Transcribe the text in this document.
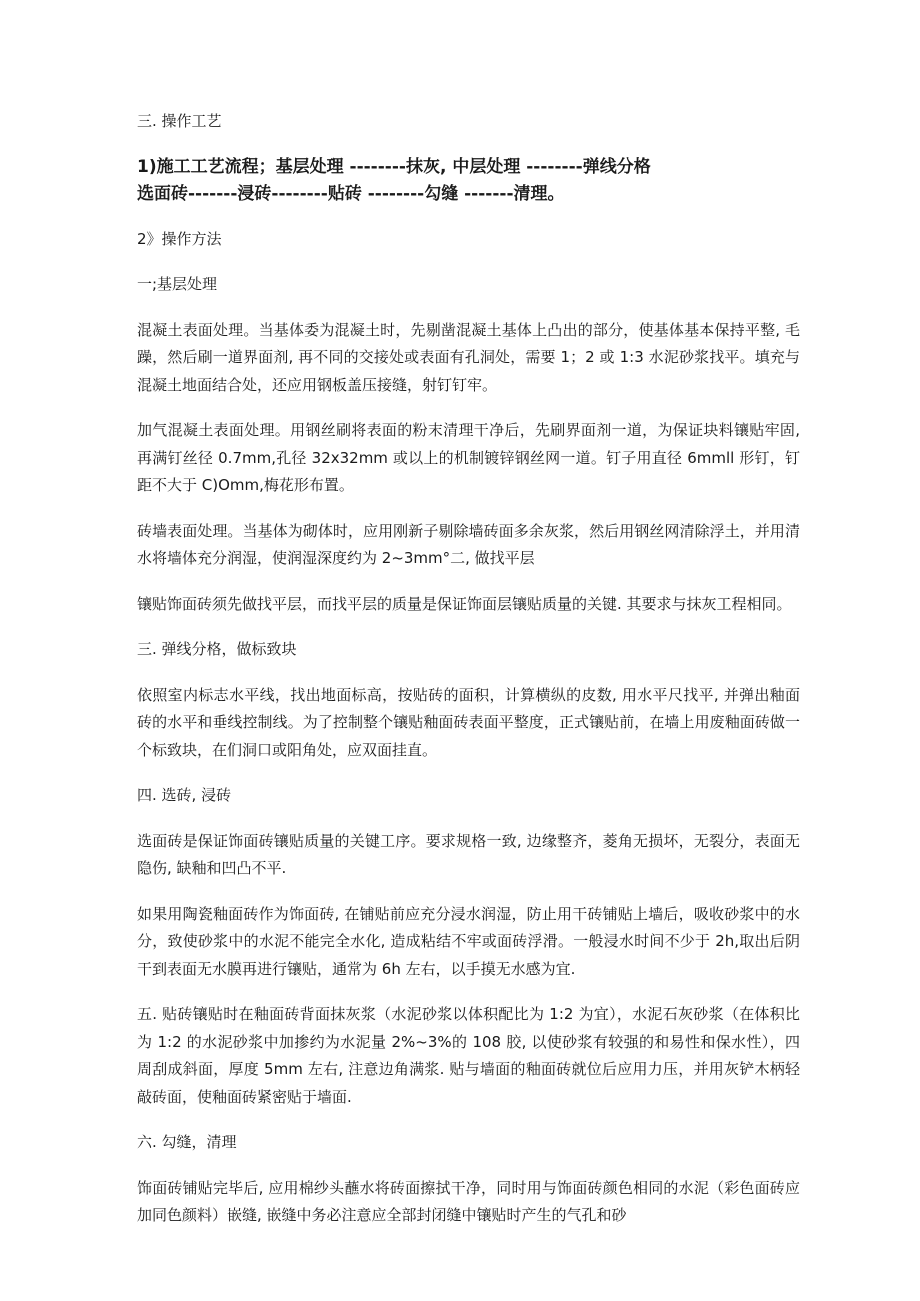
三. 操作工艺

1)施工工艺流程；基层处理 --------抹灰, 中层处理 --------弹线分格
选面砖-------浸砖--------贴砖 --------勾缝 -------清理。

2》操作方法

一;基层处理

混凝土表面处理。当基体委为混凝土时，先剔凿混凝土基体上凸出的部分，使基体基本保持平整, 毛躁，然后刷一道界面剂, 再不同的交接处或表面有孔洞处，需要 1；2 或 1:3 水泥砂浆找平。填充与混凝土地面结合处，还应用钢板盖压接缝，射钉钉牢。

加气混凝土表面处理。用钢丝刷将表面的粉末清理干净后，先刷界面剂一道，为保证块料镶贴牢固, 再满钉丝径 0.7mm,孔径 32x32mm 或以上的机制镀锌钢丝网一道。钉子用直径 6mmll 形钉，钉距不大于 C)Omm,梅花形布置。

砖墙表面处理。当基体为砌体时，应用刚新子剔除墙砖面多余灰浆，然后用钢丝网清除浮土，并用清水将墙体充分润湿，使润湿深度约为 2~3mm°二, 做找平层

镶贴饰面砖须先做找平层，而找平层的质量是保证饰面层镶贴质量的关键. 其要求与抹灰工程相同。

三. 弹线分格，做标致块

依照室内标志水平线，找出地面标高，按贴砖的面积，计算横纵的皮数, 用水平尺找平, 并弹出釉面砖的水平和垂线控制线。为了控制整个镶贴釉面砖表面平整度，正式镶贴前，在墙上用废釉面砖做一个标致块，在们洞口或阳角处，应双面挂直。

四. 选砖, 浸砖

选面砖是保证饰面砖镶贴质量的关键工序。要求规格一致, 边缘整齐，菱角无损坏，无裂分，表面无隐伤, 缺釉和凹凸不平.

如果用陶瓷釉面砖作为饰面砖, 在铺贴前应充分浸水润湿，防止用干砖铺贴上墙后，吸收砂浆中的水分，致使砂浆中的水泥不能完全水化, 造成粘结不牢或面砖浮滑。一般浸水时间不少于 2h,取出后阴干到表面无水膜再进行镶贴，通常为 6h 左右，以手摸无水感为宜.

五. 贴砖镶贴时在釉面砖背面抹灰浆（水泥砂浆以体积配比为 1:2 为宜），水泥石灰砂浆（在体积比为 1:2 的水泥砂浆中加掺约为水泥量 2%~3%的 108 胶, 以使砂浆有较强的和易性和保水性），四周刮成斜面，厚度 5mm 左右, 注意边角满浆. 贴与墙面的釉面砖就位后应用力压，并用灰铲木柄轻敲砖面，使釉面砖紧密贴于墙面.

六. 勾缝，清理

饰面砖铺贴完毕后, 应用棉纱头蘸水将砖面擦拭干净，同时用与饰面砖颜色相同的水泥（彩色面砖应加同色颜料）嵌缝, 嵌缝中务必注意应全部封闭缝中镶贴时产生的气孔和砂
